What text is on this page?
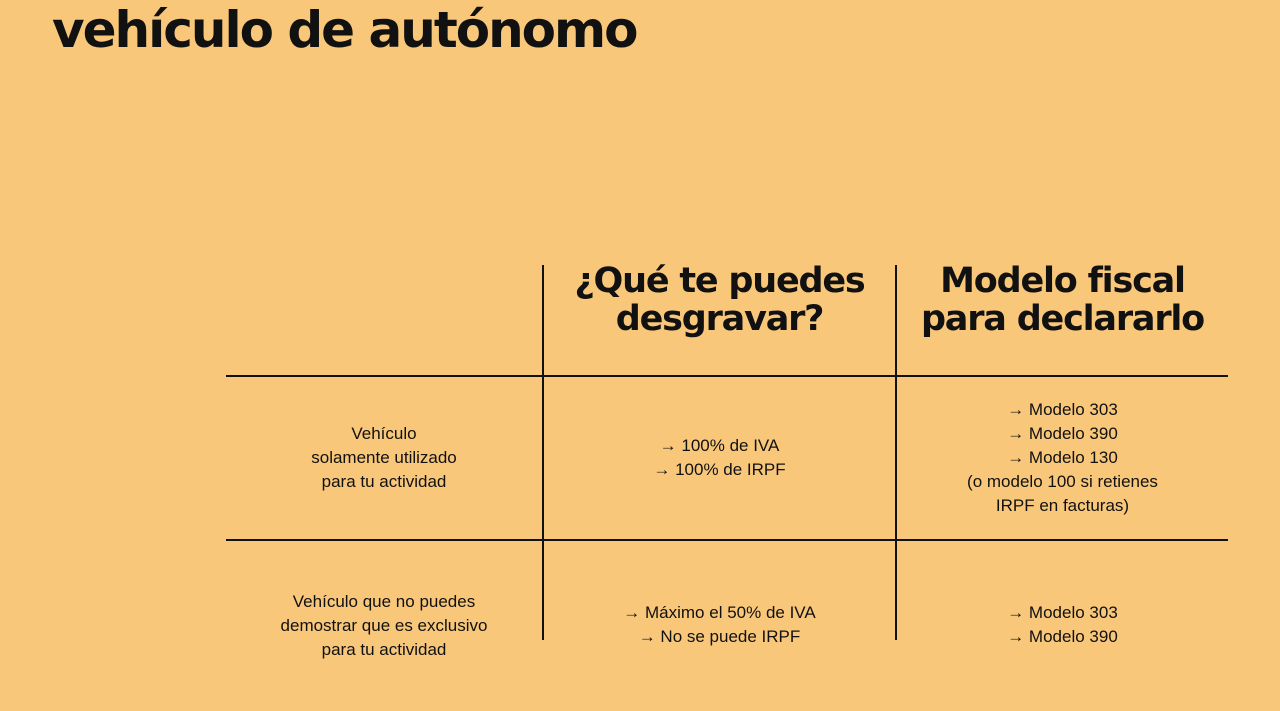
vehículo de autónomo
¿Qué te puedes
desgravar?
Modelo fiscal
para declararlo
Vehículo
solamente utilizado
para tu actividad
→ 100% de IVA
→ 100% de IRPF
→ Modelo 303
→ Modelo 390
→ Modelo 130
(o modelo 100 si retienes
IRPF en facturas)
Vehículo que no puedes
demostrar que es exclusivo
para tu actividad
→ Máximo el 50% de IVA
→ No se puede IRPF
→ Modelo 303
→ Modelo 390
